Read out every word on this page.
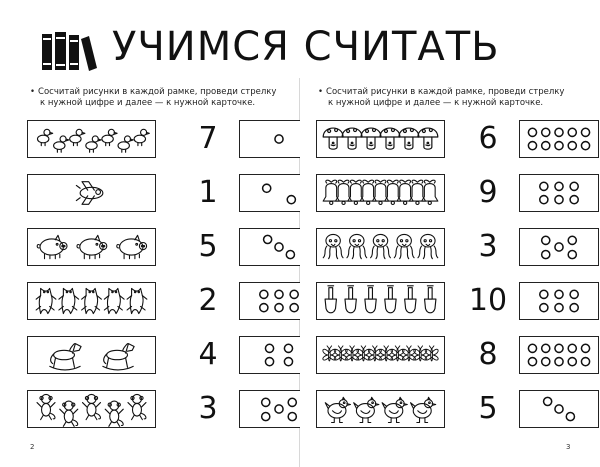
УЧИМСЯ СЧИТАТЬ
• Сосчитай рисунки в каждой рамке, проведи стрелку
к нужной цифре и далее — к нужной карточке.
7
1
5
2
4
3
2
• Сосчитай рисунки в каждой рамке, проведи стрелку
к нужной цифре и далее — к нужной карточке.
6
9
3
10
8
5
3
